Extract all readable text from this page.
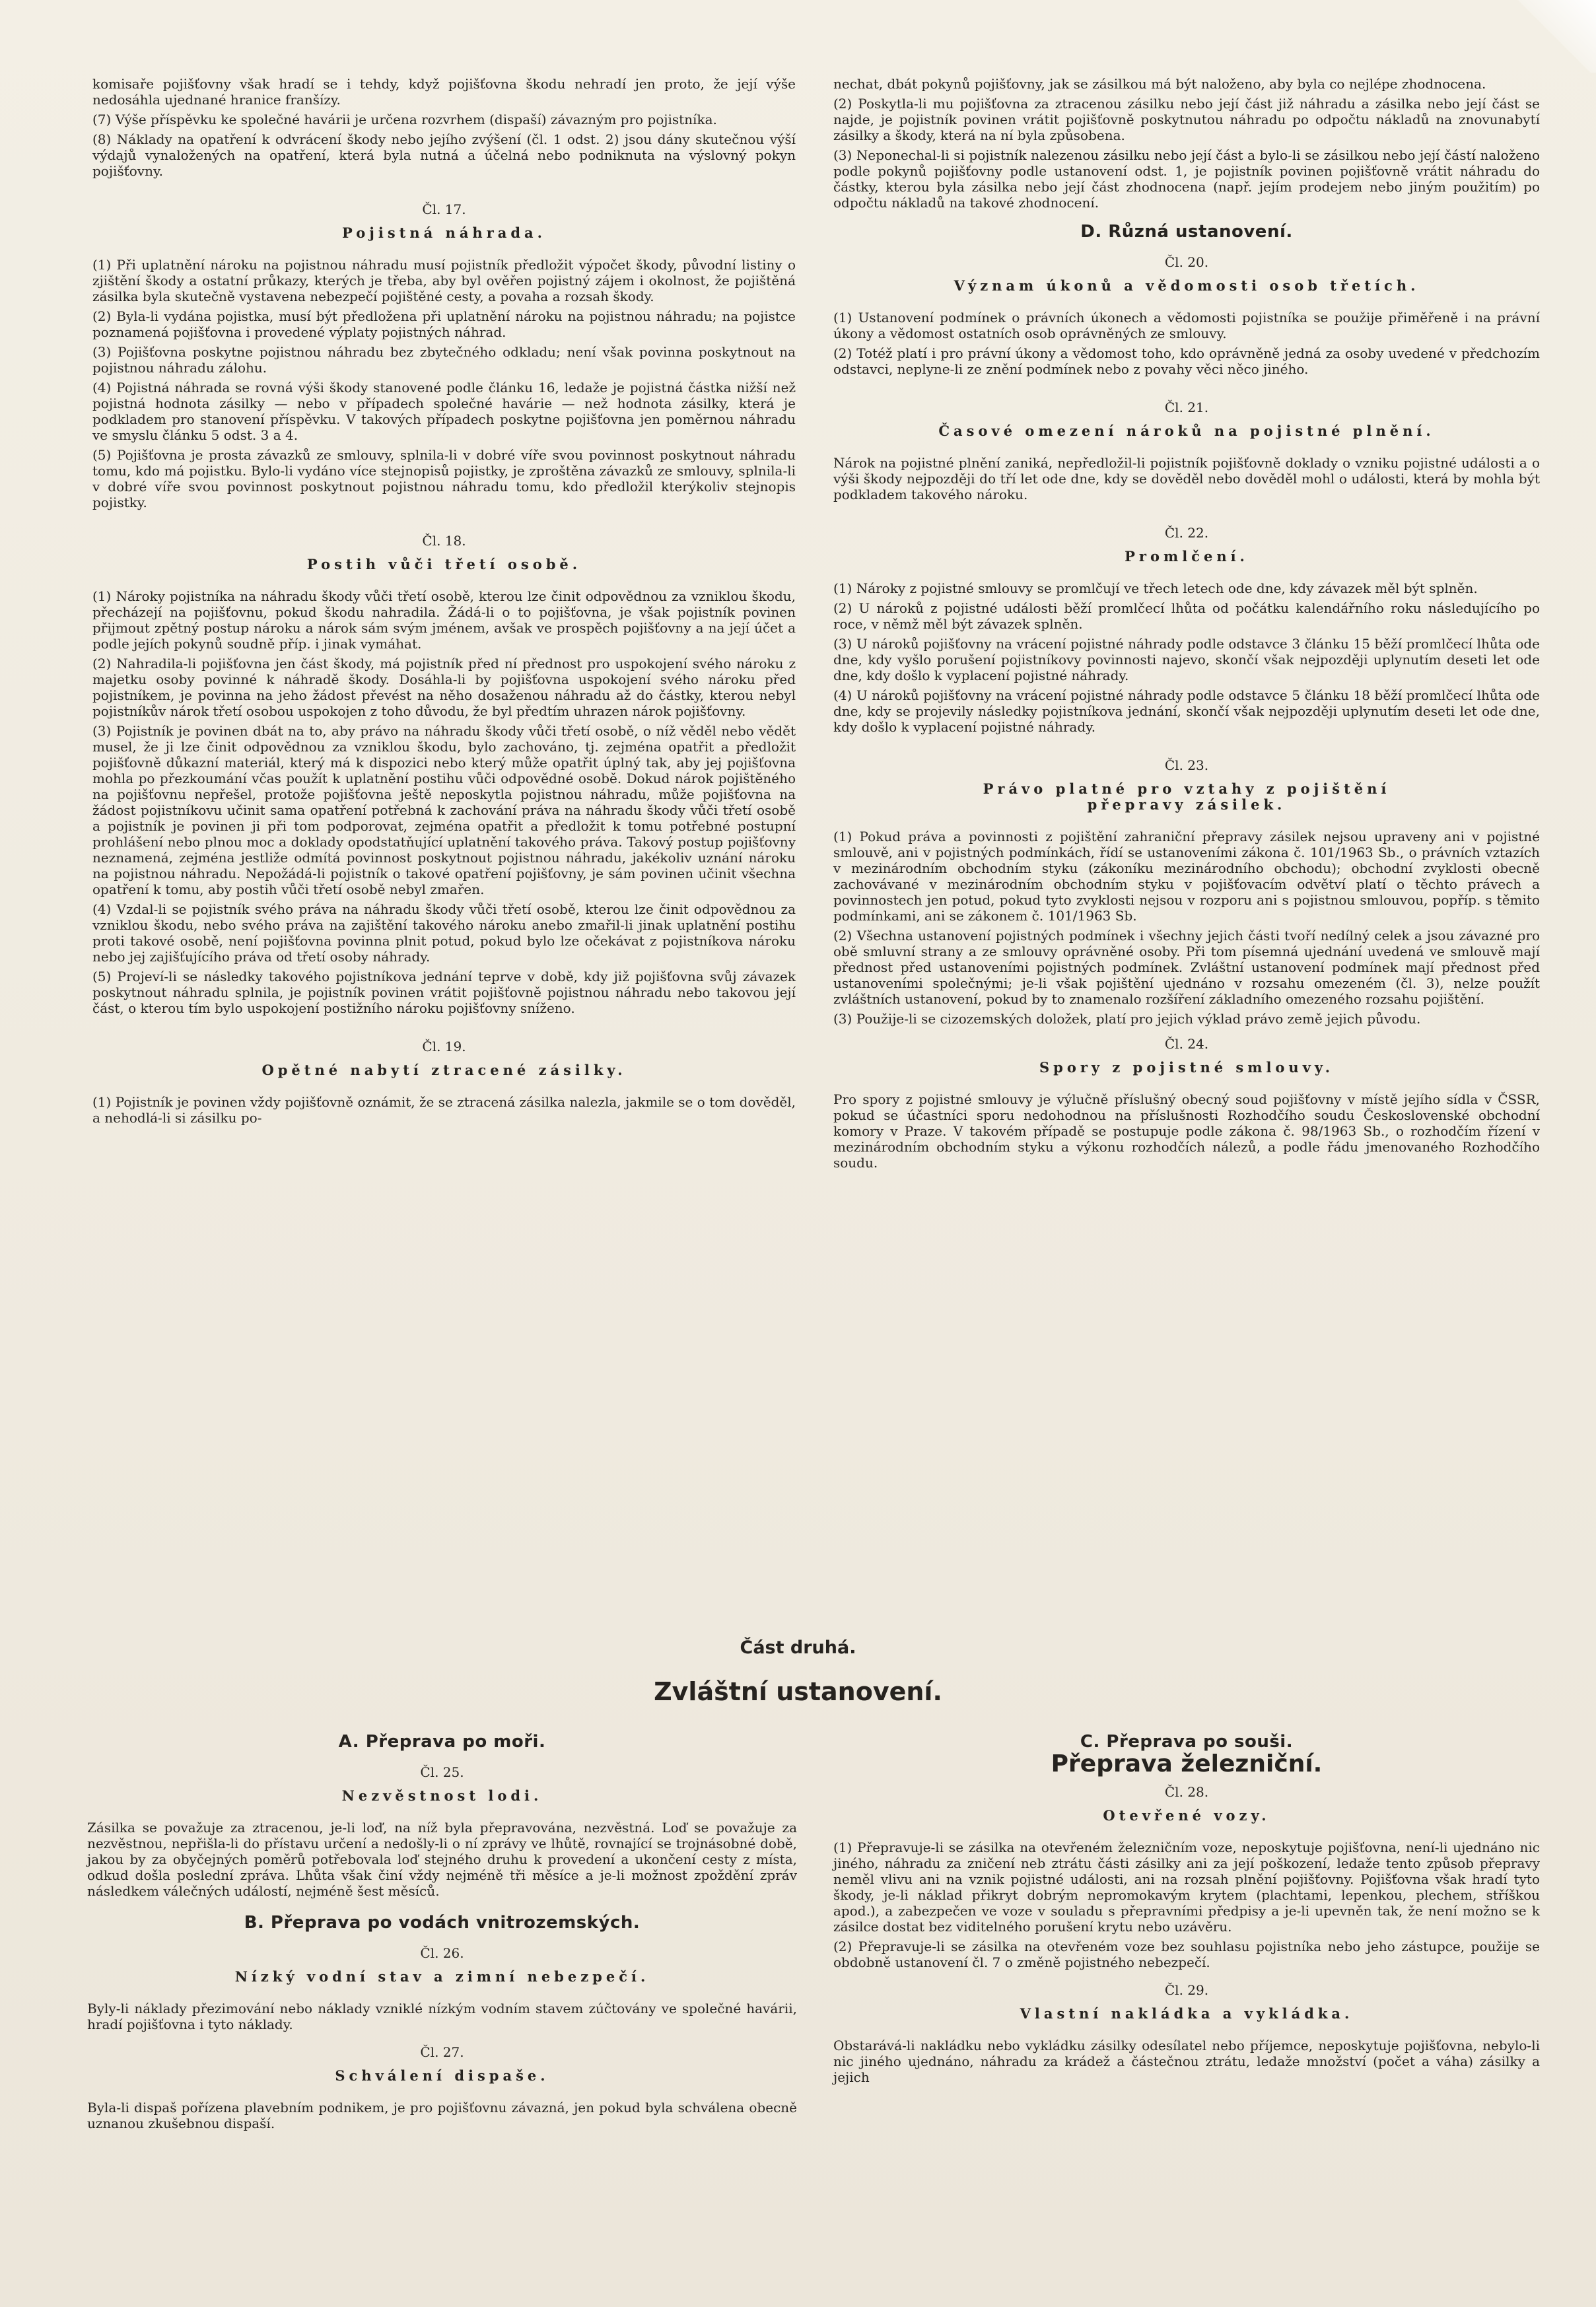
komisaře pojišťovny však hradí se i tehdy, když pojišťovna škodu nehradí jen proto, že její výše nedosáhla ujednané hranice franšízy.

(7) Výše příspěvku ke společné havárii je určena rozvrhem (dispaší) závazným pro pojistníka.

(8) Náklady na opatření k odvrácení škody nebo jejího zvýšení (čl. 1 odst. 2) jsou dány skutečnou výší výdajů vynaložených na opatření, která byla nutná a účelná nebo podniknuta na výslovný pokyn pojišťovny.

Čl. 17.
Pojistná náhrada.

(1) Při uplatnění nároku na pojistnou náhradu musí pojistník předložit výpočet škody, původní listiny o zjištění škody a ostatní průkazy, kterých je třeba, aby byl ověřen pojistný zájem i okolnost, že pojištěná zásilka byla skutečně vystavena nebezpečí pojištěné cesty, a povaha a rozsah škody.

(2) Byla-li vydána pojistka, musí být předložena při uplatnění nároku na pojistnou náhradu; na pojistce poznamená pojišťovna i provedené výplaty pojistných náhrad.

(3) Pojišťovna poskytne pojistnou náhradu bez zbytečného odkladu; není však povinna poskytnout na pojistnou náhradu zálohu.

(4) Pojistná náhrada se rovná výši škody stanovené podle článku 16, ledaže je pojistná částka nižší než pojistná hodnota zásilky — nebo v případech společné havárie — než hodnota zásilky, která je podkladem pro stanovení příspěvku. V takových případech poskytne pojišťovna jen poměrnou náhradu ve smyslu článku 5 odst. 3 a 4.

(5) Pojišťovna je prosta závazků ze smlouvy, splnila-li v dobré víře svou povinnost poskytnout náhradu tomu, kdo má pojistku. Bylo-li vydáno více stejnopisů pojistky, je zproštěna závazků ze smlouvy, splnila-li v dobré víře svou povinnost poskytnout pojistnou náhradu tomu, kdo předložil kterýkoliv stejnopis pojistky.

Čl. 18.
Postih vůči třetí osobě.

(1) Nároky pojistníka na náhradu škody vůči třetí osobě, kterou lze činit odpovědnou za vzniklou škodu, přecházejí na pojišťovnu, pokud škodu nahradila. Žádá-li o to pojišťovna, je však pojistník povinen přijmout zpětný postup nároku a nárok sám svým jménem, avšak ve prospěch pojišťovny a na její účet a podle jejích pokynů soudně příp. i jinak vymáhat.

(2) Nahradila-li pojišťovna jen část škody, má pojistník před ní přednost pro uspokojení svého nároku z majetku osoby povinné k náhradě škody. Dosáhla-li by pojišťovna uspokojení svého nároku před pojistníkem, je povinna na jeho žádost převést na něho dosaženou náhradu až do částky, kterou nebyl pojistníkův nárok třetí osobou uspokojen z toho důvodu, že byl předtím uhrazen nárok pojišťovny.

(3) Pojistník je povinen dbát na to, aby právo na náhradu škody vůči třetí osobě, o níž věděl nebo vědět musel, že ji lze činit odpovědnou za vzniklou škodu, bylo zachováno, tj. zejména opatřit a předložit pojišťovně důkazní materiál, který má k dispozici nebo který může opatřit úplný tak, aby jej pojišťovna mohla po přezkoumání včas použít k uplatnění postihu vůči odpovědné osobě. Dokud nárok pojištěného na pojišťovnu nepřešel, protože pojišťovna ještě neposkytla pojistnou náhradu, může pojišťovna na žádost pojistníkovu učinit sama opatření potřebná k zachování práva na náhradu škody vůči třetí osobě a pojistník je povinen ji při tom podporovat, zejména opatřit a předložit k tomu potřebné postupní prohlášení nebo plnou moc a doklady opodstatňující uplatnění takového práva. Takový postup pojišťovny neznamená, zejména jestliže odmítá povinnost poskytnout pojistnou náhradu, jakékoliv uznání nároku na pojistnou náhradu. Nepožádá-li pojistník o takové opatření pojišťovny, je sám povinen učinit všechna opatření k tomu, aby postih vůči třetí osobě nebyl zmařen.

(4) Vzdal-li se pojistník svého práva na náhradu škody vůči třetí osobě, kterou lze činit odpovědnou za vzniklou škodu, nebo svého práva na zajištění takového nároku anebo zmařil-li jinak uplatnění postihu proti takové osobě, není pojišťovna povinna plnit potud, pokud bylo lze očekávat z pojistníkova nároku nebo jej zajišťujícího práva od třetí osoby náhrady.

(5) Projeví-li se následky takového pojistníkova jednání teprve v době, kdy již pojišťovna svůj závazek poskytnout náhradu splnila, je pojistník povinen vrátit pojišťovně pojistnou náhradu nebo takovou její část, o kterou tím bylo uspokojení postižního nároku pojišťovny sníženo.

Čl. 19.
Opětné nabytí ztracené zásilky.

(1) Pojistník je povinen vždy pojišťovně oznámit, že se ztracená zásilka nalezla, jakmile se o tom dověděl, a nehodlá-li si zásilku po-

nechat, dbát pokynů pojišťovny, jak se zásilkou má být naloženo, aby byla co nejlépe zhodnocena.

(2) Poskytla-li mu pojišťovna za ztracenou zásilku nebo její část již náhradu a zásilka nebo její část se najde, je pojistník povinen vrátit pojišťovně poskytnutou náhradu po odpočtu nákladů na znovunabytí zásilky a škody, která na ní byla způsobena.

(3) Neponechal-li si pojistník nalezenou zásilku nebo její část a bylo-li se zásilkou nebo její částí naloženo podle pokynů pojišťovny podle ustanovení odst. 1, je pojistník povinen pojišťovně vrátit náhradu do částky, kterou byla zásilka nebo její část zhodnocena (např. jejím prodejem nebo jiným použitím) po odpočtu nákladů na takové zhodnocení.

D. Různá ustanovení.
Čl. 20.
Význam úkonů a vědomosti osob třetích.

(1) Ustanovení podmínek o právních úkonech a vědomosti pojistníka se použije přiměřeně i na právní úkony a vědomost ostatních osob oprávněných ze smlouvy.

(2) Totéž platí i pro právní úkony a vědomost toho, kdo oprávněně jedná za osoby uvedené v předchozím odstavci, neplyne-li ze znění podmínek nebo z povahy věci něco jiného.

Čl. 21.
Časové omezení nároků na pojistné plnění.

Nárok na pojistné plnění zaniká, nepředložil-li pojistník pojišťovně doklady o vzniku pojistné události a o výši škody nejpozději do tří let ode dne, kdy se dověděl nebo dověděl mohl o události, která by mohla být podkladem takového nároku.

Čl. 22.
Promlčení.

(1) Nároky z pojistné smlouvy se promlčují ve třech letech ode dne, kdy závazek měl být splněn.

(2) U nároků z pojistné události běží promlčecí lhůta od počátku kalendářního roku následujícího po roce, v němž měl být závazek splněn.

(3) U nároků pojišťovny na vrácení pojistné náhrady podle odstavce 3 článku 15 běží promlčecí lhůta ode dne, kdy vyšlo porušení pojistníkovy povinnosti najevo, skončí však nejpozději uplynutím deseti let ode dne, kdy došlo k vyplacení pojistné náhrady.

(4) U nároků pojišťovny na vrácení pojistné náhrady podle odstavce 5 článku 18 běží promlčecí lhůta ode dne, kdy se projevily následky pojistníkova jednání, skončí však nejpozději uplynutím deseti let ode dne, kdy došlo k vyplacení pojistné náhrady.

Čl. 23.
Právo platné pro vztahy z pojištění
přepravy zásilek.

(1) Pokud práva a povinnosti z pojištění zahraniční přepravy zásilek nejsou upraveny ani v pojistné smlouvě, ani v pojistných podmínkách, řídí se ustanoveními zákona č. 101/1963 Sb., o právních vztazích v mezinárodním obchodním styku (zákoníku mezinárodního obchodu); obchodní zvyklosti obecně zachovávané v mezinárodním obchodním styku v pojišťovacím odvětví platí o těchto právech a povinnostech jen potud, pokud tyto zvyklosti nejsou v rozporu ani s pojistnou smlouvou, popříp. s těmito podmínkami, ani se zákonem č. 101/1963 Sb.

(2) Všechna ustanovení pojistných podmínek i všechny jejich části tvoří nedílný celek a jsou závazné pro obě smluvní strany a ze smlouvy oprávněné osoby. Při tom písemná ujednání uvedená ve smlouvě mají přednost před ustanoveními pojistných podmínek. Zvláštní ustanovení podmínek mají přednost před ustanoveními společnými; je-li však pojištění ujednáno v rozsahu omezeném (čl. 3), nelze použít zvláštních ustanovení, pokud by to znamenalo rozšíření základního omezeného rozsahu pojištění.

(3) Použije-li se cizozemských doložek, platí pro jejich výklad právo země jejich původu.

Čl. 24.
Spory z pojistné smlouvy.

Pro spory z pojistné smlouvy je výlučně příslušný obecný soud pojišťovny v místě jejího sídla v ČSSR, pokud se účastníci sporu nedohodnou na příslušnosti Rozhodčího soudu Československé obchodní komory v Praze. V takovém případě se postupuje podle zákona č. 98/1963 Sb., o rozhodčím řízení v mezinárodním obchodním styku a výkonu rozhodčích nálezů, a podle řádu jmenovaného Rozhodčího soudu.

Část druhá.
Zvláštní ustanovení.
A. Přeprava po moři.
Čl. 25.
Nezvěstnost lodi.

Zásilka se považuje za ztracenou, je-li loď, na níž byla přepravována, nezvěstná. Loď se považuje za nezvěstnou, nepřišla-li do přístavu určení a nedošly-li o ní zprávy ve lhůtě, rovnající se trojnásobné době, jakou by za obyčejných poměrů potřebovala loď stejného druhu k provedení a ukončení cesty z místa, odkud došla poslední zpráva. Lhůta však činí vždy nejméně tři měsíce a je-li možnost zpoždění zpráv následkem válečných událostí, nejméně šest měsíců.

B. Přeprava po vodách vnitrozemských.
Čl. 26.
Nízký vodní stav a zimní nebezpečí.

Byly-li náklady přezimování nebo náklady vzniklé nízkým vodním stavem zúčtovány ve společné havárii, hradí pojišťovna i tyto náklady.

Čl. 27.
Schválení dispaše.

Byla-li dispaš pořízena plavebním podnikem, je pro pojišťovnu závazná, jen pokud byla schválena obecně uznanou zkušebnou dispaší.

C. Přeprava po souši.
Přeprava železniční.
Čl. 28.
Otevřené vozy.

(1) Přepravuje-li se zásilka na otevřeném železničním voze, neposkytuje pojišťovna, není-li ujednáno nic jiného, náhradu za zničení neb ztrátu části zásilky ani za její poškození, ledaže tento způsob přepravy neměl vlivu ani na vznik pojistné události, ani na rozsah plnění pojišťovny. Pojišťovna však hradí tyto škody, je-li náklad přikryt dobrým nepromokavým krytem (plachtami, lepenkou, plechem, stříškou apod.), a zabezpečen ve voze v souladu s přepravními předpisy a je-li upevněn tak, že není možno se k zásilce dostat bez viditelného porušení krytu nebo uzávěru.

(2) Přepravuje-li se zásilka na otevřeném voze bez souhlasu pojistníka nebo jeho zástupce, použije se obdobně ustanovení čl. 7 o změně pojistného nebezpečí.

Čl. 29.
Vlastní nakládka a vykládka.

Obstarává-li nakládku nebo vykládku zásilky odesílatel nebo příjemce, neposkytuje pojišťovna, nebylo-li nic jiného ujednáno, náhradu za krádež a částečnou ztrátu, ledaže množství (počet a váha) zásilky a jejich
